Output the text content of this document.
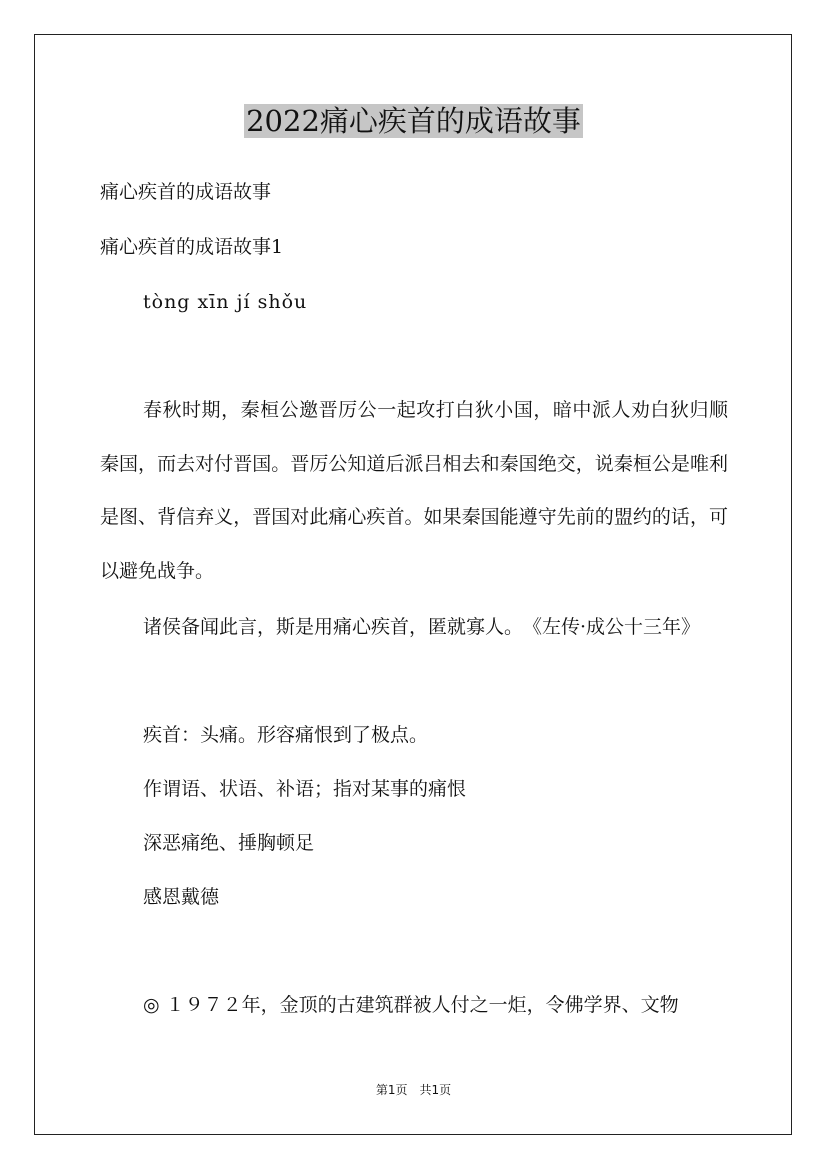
2022痛心疾首的成语故事
痛心疾首的成语故事
痛心疾首的成语故事1
tòng xīn jí shǒu

春秋时期，秦桓公邀晋厉公一起攻打白狄小国，暗中派人劝白狄归顺秦国，而去对付晋国。晋厉公知道后派吕相去和秦国绝交，说秦桓公是唯利是图、背信弃义，晋国对此痛心疾首。如果秦国能遵守先前的盟约的话，可以避免战争。

诸侯备闻此言，斯是用痛心疾首，匿就寡人。　《左传·成公十三年》

疾首：头痛。形容痛恨到了极点。
作谓语、状语、补语；指对某事的痛恨
深恶痛绝、捶胸顿足
感恩戴德
◎ １９７２年，金顶的古建筑群被人付之一炬，令佛学界、文物
第1页　共1页
